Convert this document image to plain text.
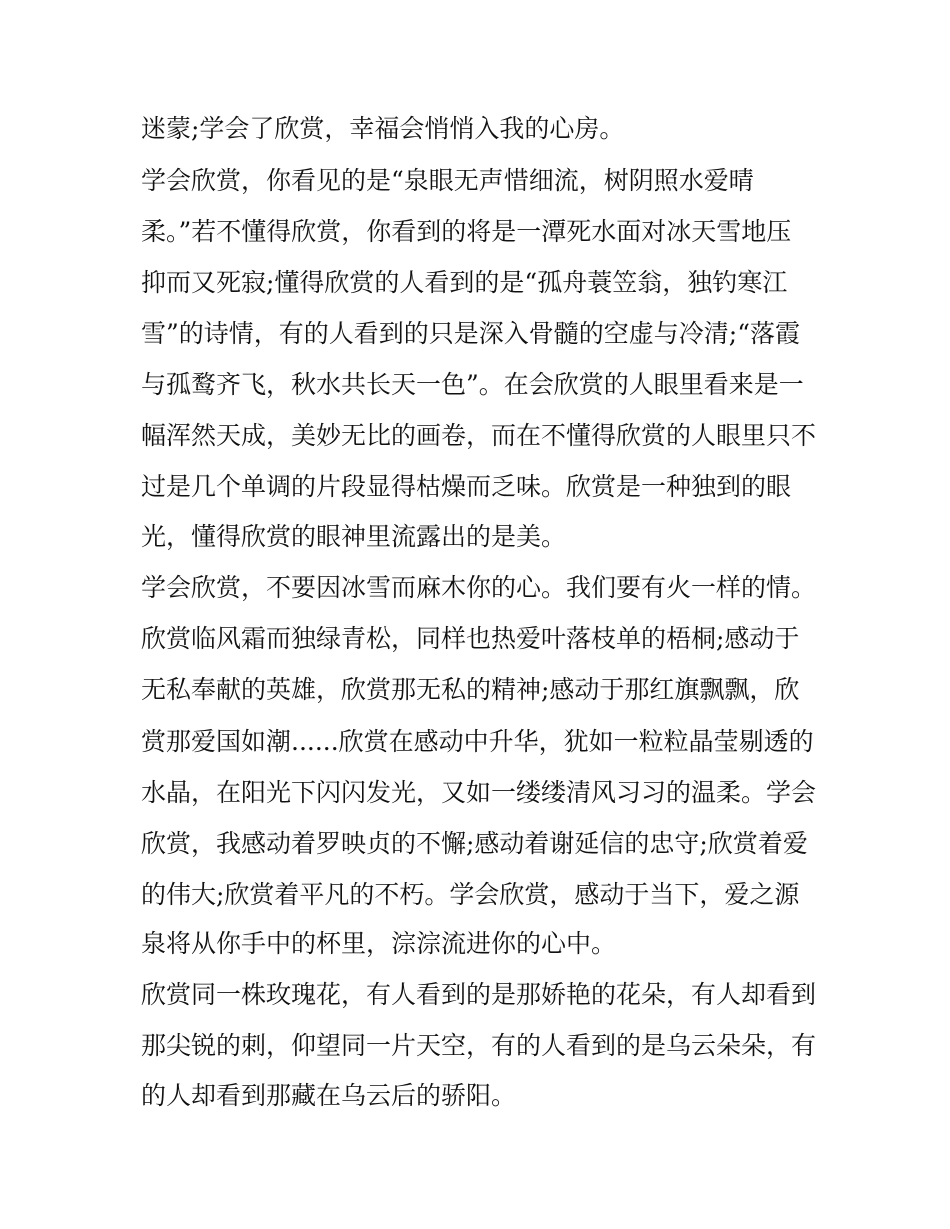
迷蒙;学会了欣赏，幸福会悄悄入我的心房。
学会欣赏，你看见的是“泉眼无声惜细流，树阴照水爱晴
柔。”若不懂得欣赏，你看到的将是一潭死水面对冰天雪地压
抑而又死寂;懂得欣赏的人看到的是“孤舟蓑笠翁，独钓寒江
雪”的诗情，有的人看到的只是深入骨髓的空虚与冷清;“落霞
与孤鹜齐飞，秋水共长天一色”。在会欣赏的人眼里看来是一
幅浑然天成，美妙无比的画卷，而在不懂得欣赏的人眼里只不
过是几个单调的片段显得枯燥而乏味。欣赏是一种独到的眼
光，懂得欣赏的眼神里流露出的是美。
学会欣赏，不要因冰雪而麻木你的心。我们要有火一样的情。
欣赏临风霜而独绿青松，同样也热爱叶落枝单的梧桐;感动于
无私奉献的英雄，欣赏那无私的精神;感动于那红旗飘飘，欣
赏那爱国如潮......欣赏在感动中升华，犹如一粒粒晶莹剔透的
水晶，在阳光下闪闪发光，又如一缕缕清风习习的温柔。学会
欣赏，我感动着罗映贞的不懈;感动着谢延信的忠守;欣赏着爱
的伟大;欣赏着平凡的不朽。学会欣赏，感动于当下，爱之源
泉将从你手中的杯里，淙淙流进你的心中。
欣赏同一株玫瑰花，有人看到的是那娇艳的花朵，有人却看到
那尖锐的刺，仰望同一片天空，有的人看到的是乌云朵朵，有
的人却看到那藏在乌云后的骄阳。
